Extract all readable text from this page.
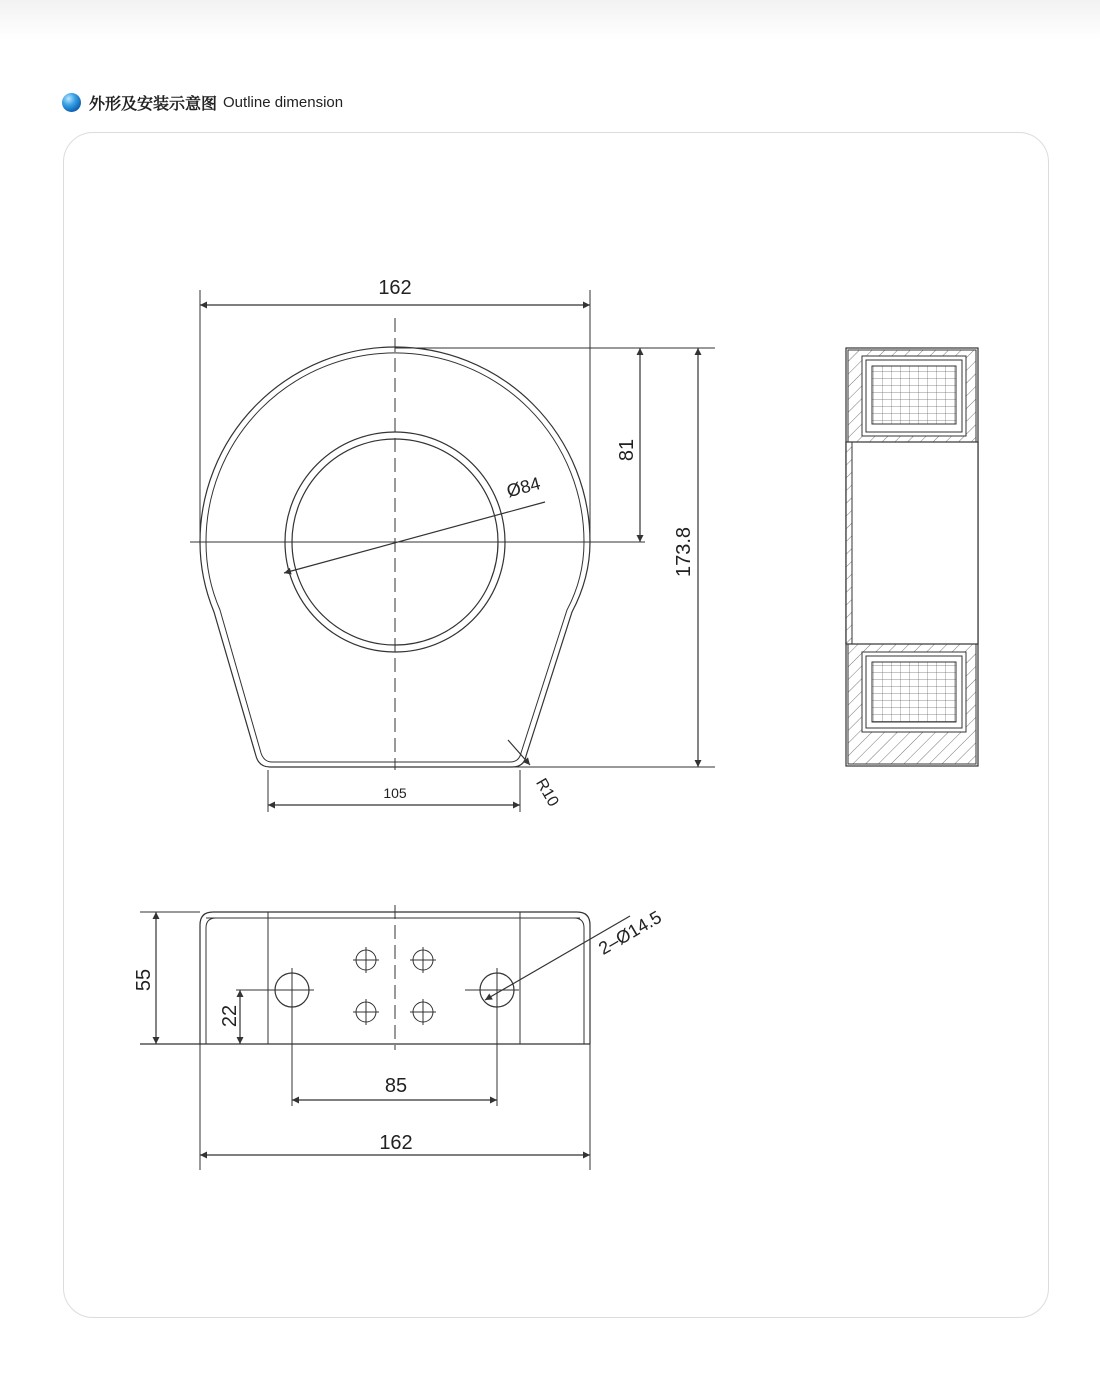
外形及安装示意图 Outline dimension
162
81
173.8
Ø84
105	R10
55
22
2–Ø14.5
85
162
